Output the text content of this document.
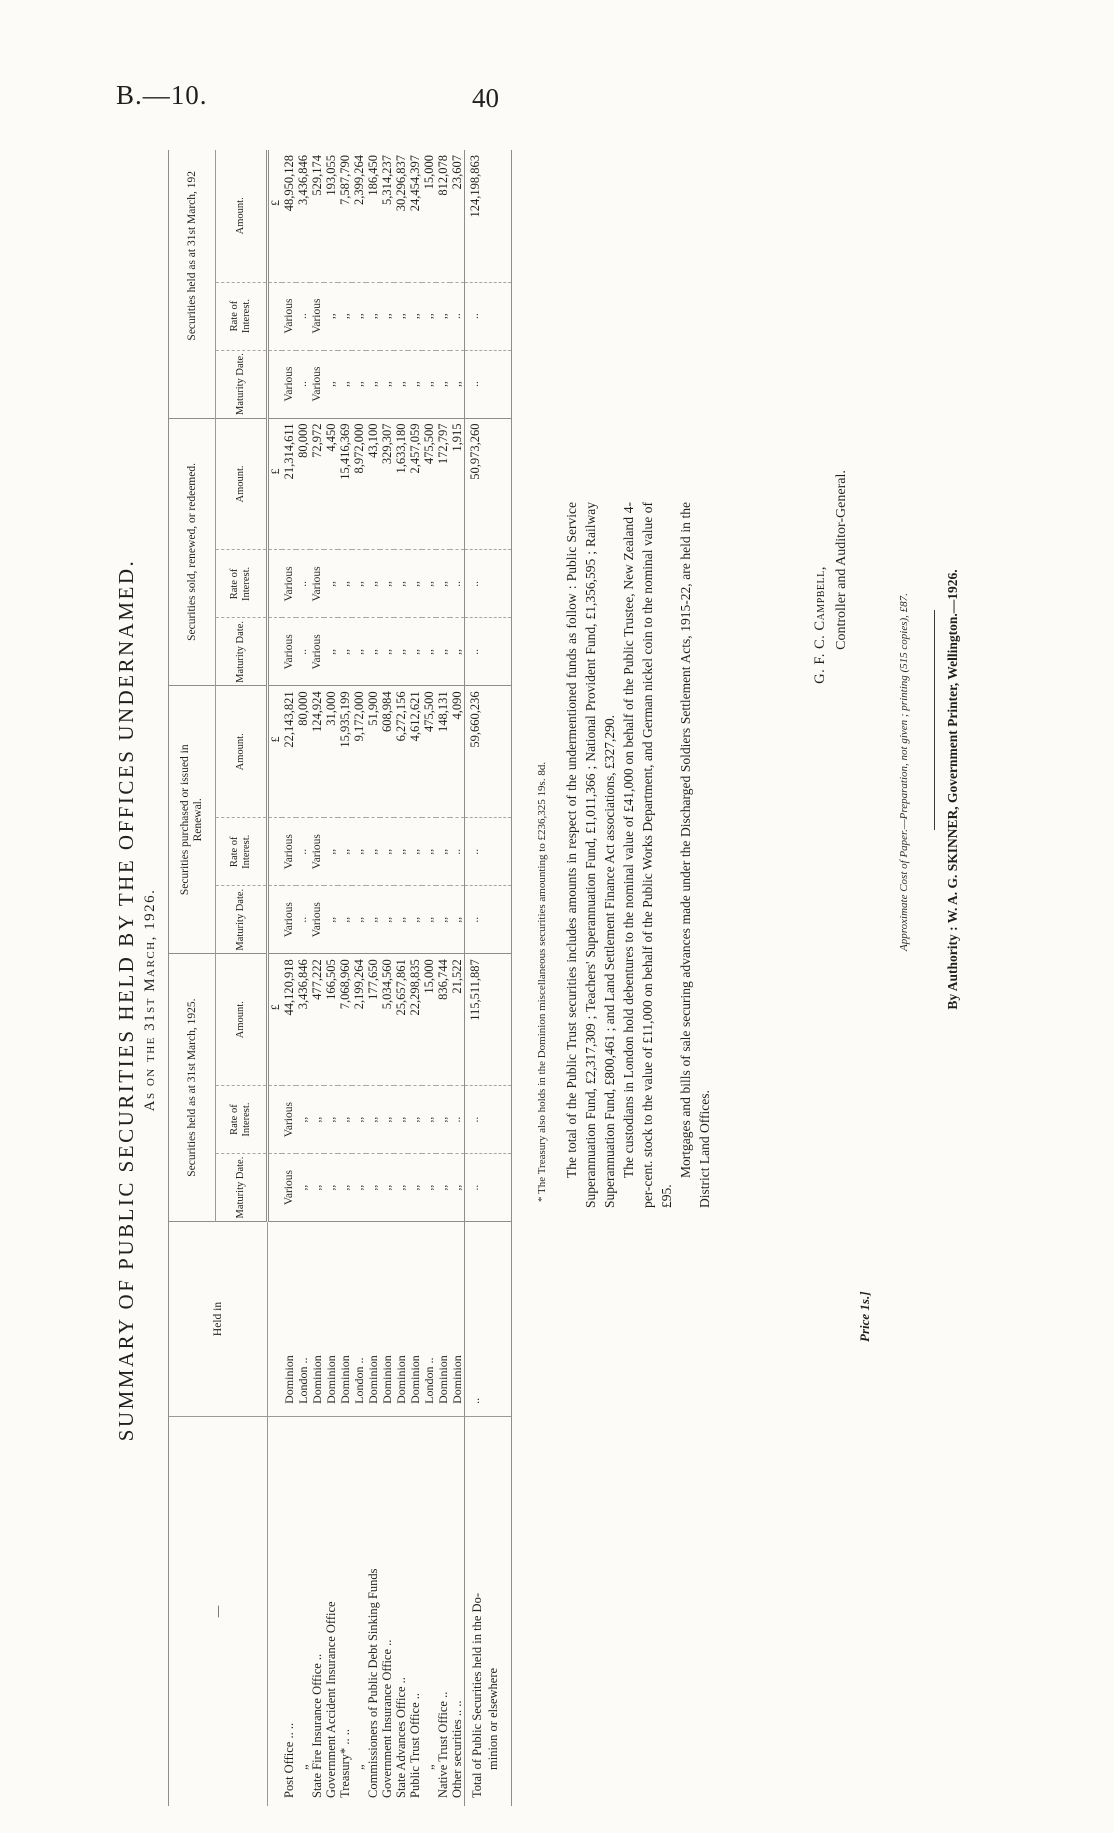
B.—10.	40
SUMMARY OF PUBLIC SECURITIES HELD BY THE OFFICES UNDERNAMED. As on the 31st March, 1926.
—	Held in	Securities held as at 31st March, 1925.			Securities purchased or issued in Renewal.			Securities sold, renewed, or redeemed.			Securities held as at 31st March, 192		
		Maturity Date.	Rate of Interest.	Amount.	Maturity Date.	Rate of Interest.	Amount.	Maturity Date.	Rate of Interest.	Amount.	Maturity Date.	Rate of Interest.	Amount.
				£			£			£			£
Post Office .. ..	Dominion	Various	Various	44,120,918	Various	Various	22,143,821	Various	Various	21,314,611	Various	Various	48,950,128
„	London ..	,,	,,	3,436,846	..	..	80,000	..	..	80,000	..	..	3,436,846
State Fire Insurance Office ..	Dominion	,,	,,	477,222	Various	Various	124,924	Various	Various	72,972	Various	Various	529,174
Government Accident Insurance Office	Dominion	,,	,,	166,505	,,	,,	31,000	,,	,,	4,450	,,	,,	193,055
Treasury* .. ..	Dominion	,,	,,	7,068,960	,,	,,	15,935,199	,,	,,	15,416,369	,,	,,	7,587,790
„	London ..	,,	,,	2,199,264	,,	,,	9,172,000	,,	,,	8,972,000	,,	,,	2,399,264
Commissioners of Public Debt Sinking Funds	Dominion	,,	,,	177,650	,,	,,	51,900	,,	,,	43,100	,,	,,	186,450
Government Insurance Office ..	Dominion	,,	,,	5,034,560	,,	,,	608,984	,,	,,	329,307	,,	,,	5,314,237
State Advances Office ..	Dominion	,,	,,	25,657,861	,,	,,	6,272,156	,,	,,	1,633,180	,,	,,	30,296,837
Public Trust Office ..	Dominion	,,	,,	22,298,835	,,	,,	4,612,621	,,	,,	2,457,059	,,	,,	24,454,397
„	London ..	,,	,,	15,000	,,	,,	475,500	,,	,,	475,500	,,	,,	15,000
Native Trust Office ..	Dominion	,,	,,	836,744	,,	,,	148,131	,,	,,	172,797	,,	,,	812,078
Other securities .. ..	Dominion	,,	..	21,522	,,	..	4,090	,,	..	1,915	,,	..	23,607
Total of Public Securities held in the Do- minion or elsewhere	..	..	..	115,511,887	..	..	59,660,236	..	..	50,973,260	..	..	124,198,863
* The Treasury also holds in the Dominion miscellaneous securities amounting to £236,325 19s. 8d. The total of the Public Trust securities includes amounts in respect of the undermentioned funds as follow : Public Service Superannuation Fund, £2,317,309 ; Teachers' Superannuation Fund, £1,011,366 ; National Provident Fund, £1,356,595 ; Railway Superannuation Fund, £800,461 ; and Land Settlement Finance Act associations, £327,290. The custodians in London hold debentures to the nominal value of £41,000 on behalf of the Public Trustee, New Zealand 4-per-cent. stock to the value of £11,000 on behalf of the Public Works Department, and German nickel coin to the nominal value of £95.

Mortgages and bills of sale securing advances made under the Discharged Soldiers Settlement Acts, 1915-22, are held in the District Land Offices.

G. F. C. Campbell, Controller and Auditor-General.
Approximate Cost of Paper.—Preparation, not given ; printing (515 copies), £87.	By Authority : W. A. G. SKINNER, Government Printer, Wellington.—1926.
Price 1s.]
